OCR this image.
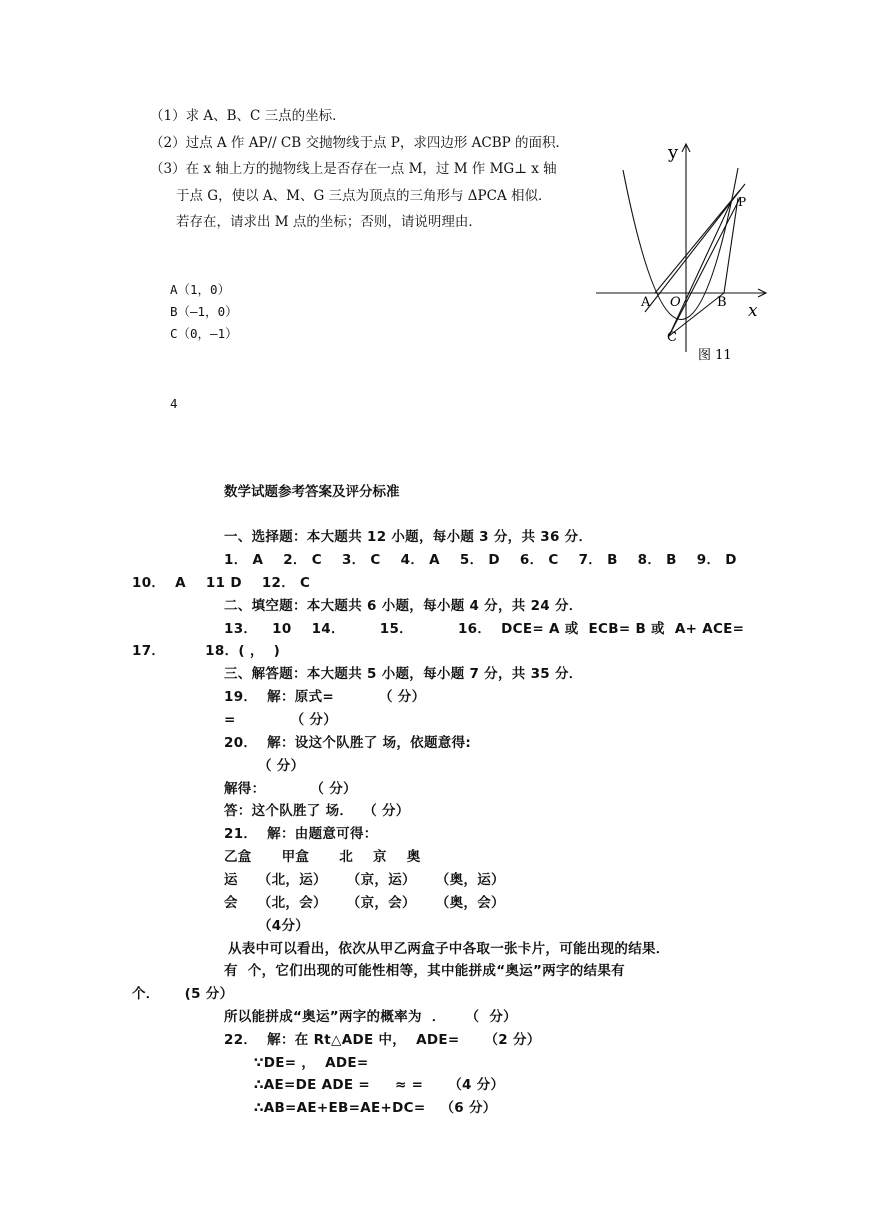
（1）求 A、B、C 三点的坐标．
（2）过点 A 作 AP// CB 交抛物线于点 P，求四边形 ACBP 的面积．
（3）在 x 轴上方的抛物线上是否存在一点 M，过 M 作 MG⊥ x 轴
于点 G，使以 A、M、G 三点为顶点的三角形与 ΔPCA 相似．
若存在，请求出 M 点的坐标；否则，请说明理由．
A（1，0）
B（—1，0）
C（0，—1）
4
y
P
A O	B x
C
图 11
数学试题参考答案及评分标准
一、选择题：本大题共 12 小题，每小题 3 分，共 36 分．
1． A    2． C    3． C    4． A    5． D    6． C    7． B    8． B    9． D
10．  A    11 D    12． C
二、填空题：本大题共 6 小题，每小题 4 分，共 24 分．
13．   10    14．       15．         16．  DCE= A 或  ECB= B 或  A+ ACE=
17．        18．( ，  )
三、解答题：本大题共 5 小题，每小题 7 分，共 35 分．
19．  解：原式=         （ 分）
=           （ 分）
20．  解：设这个队胜了 场，依题意得:
（ 分）
解得：         （ 分）
答：这个队胜了 场．  （ 分）
21．  解：由题意可得：
乙盒      甲盒      北    京    奥
运    （北，运）    （京，运）    （奥，运）
会    （北，会）    （京，会）    （奥，会）
（4分）
从表中可以看出，依次从甲乙两盒子中各取一张卡片，可能出现的结果．
有  个，它们出现的可能性相等，其中能拼成“奥运”两字的结果有
个．     (5 分）
所以能拼成“奥运”两字的概率为  ．    （  分）
22．  解：在 Rt△ADE 中，  ADE=     （2 分）
∵DE= ，  ADE=
∴AE=DE ADE =     ≈ =     （4 分）
∴AB=AE+EB=AE+DC=   （6 分）
